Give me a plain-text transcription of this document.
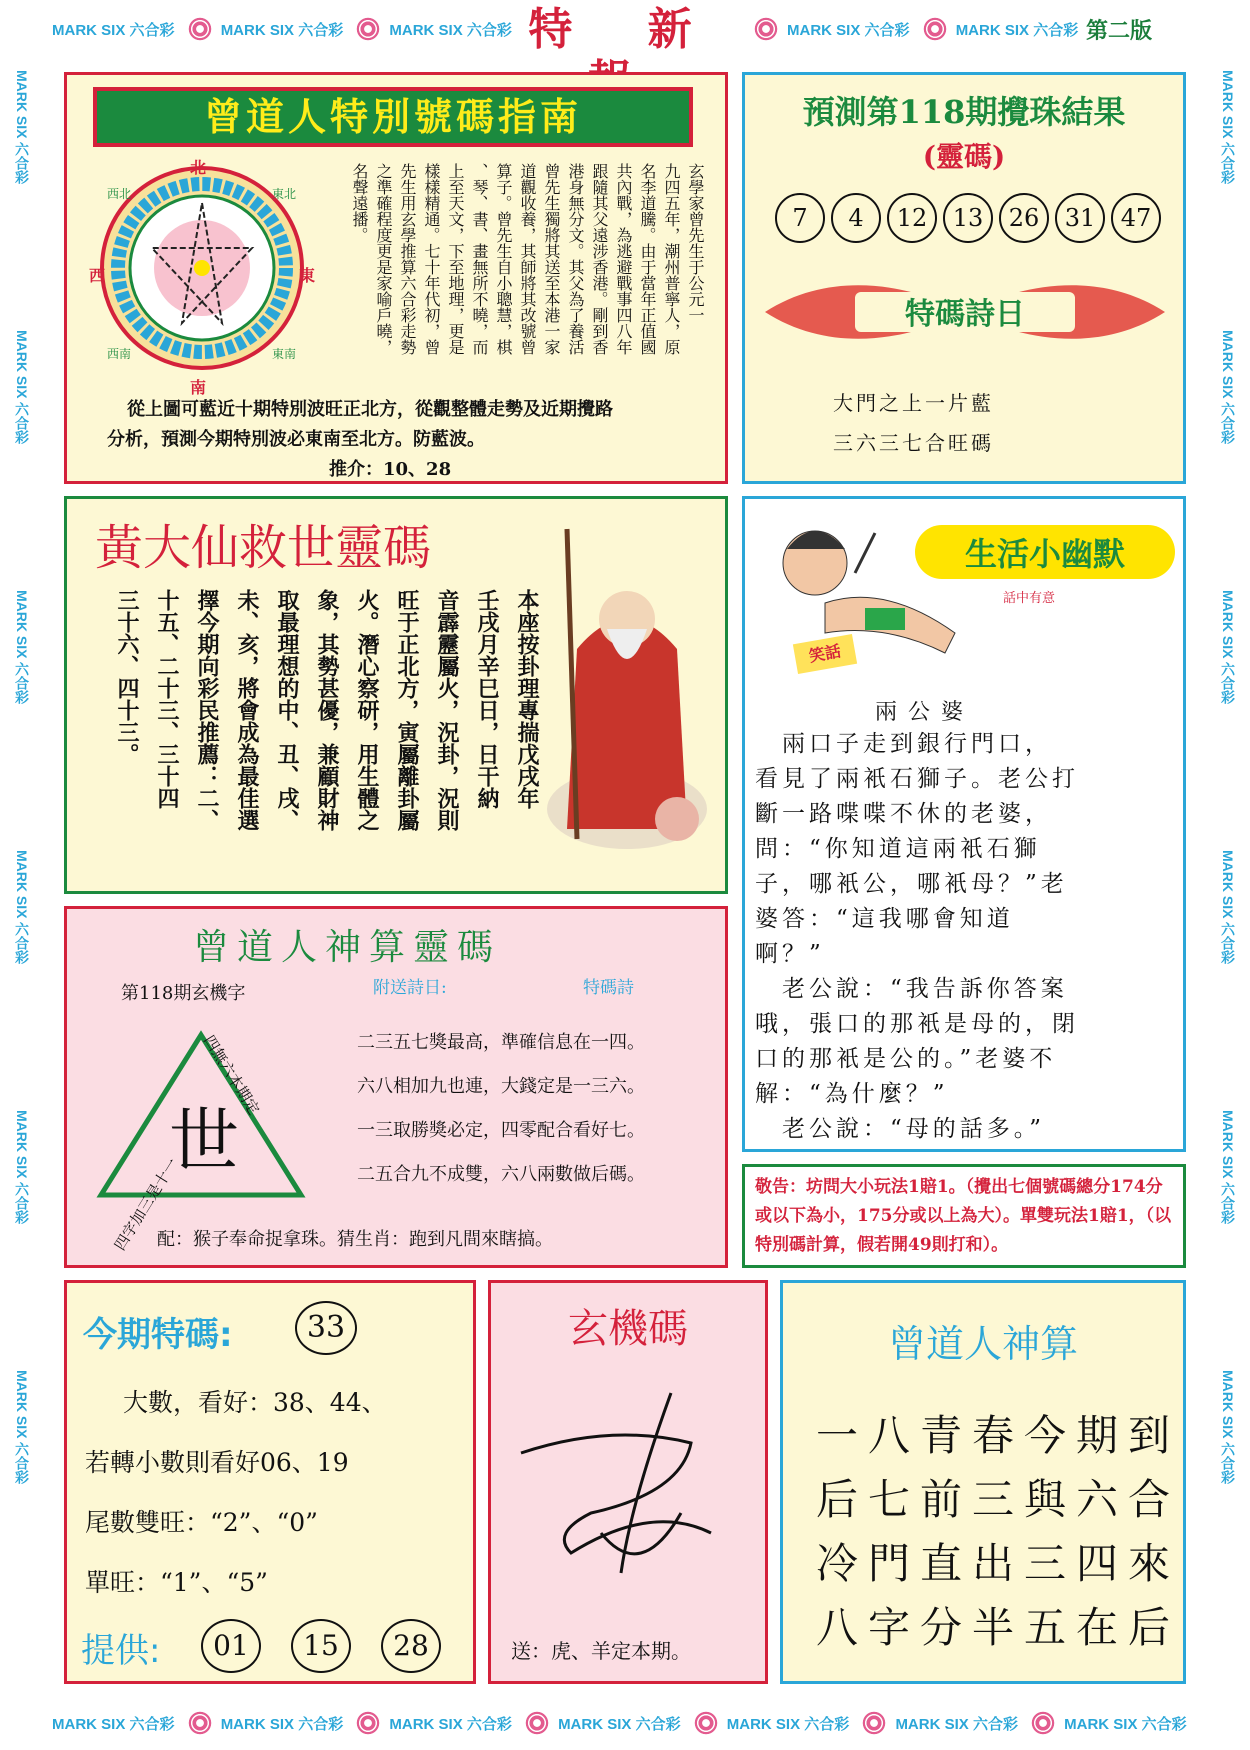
MARK SIX 六合彩	MARK SIX 六合彩	MARK SIX 六合彩	MARK SIX 六合彩	MARK SIX 六合彩
MARK SIX 六合彩	MARK SIX 六合彩	MARK SIX 六合彩	MARK SIX 六合彩	MARK SIX 六合彩	MARK SIX 六合彩	MARK SIX 六合彩
MARK SIX 六合彩
MARK SIX 六合彩
MARK SIX 六合彩
MARK SIX 六合彩
MARK SIX 六合彩
MARK SIX 六合彩
MARK SIX 六合彩
MARK SIX 六合彩
MARK SIX 六合彩
MARK SIX 六合彩
MARK SIX 六合彩
MARK SIX 六合彩
特 新	第二版
曾道人特別號碼指南
北
南
東
西
東北
西北
東南
西南
玄學家曾先生于公元一
九四五年，潮州普寧人，原
名李道騰。由于當年正值國
共內戰，為逃避戰事四八年
跟隨其父遠涉香港。剛到香
港身無分文。其父為了養活
曾先生獨將其送至本港一家
道觀收養，其師將其改號曾
算子。曾先生自小聰慧，棋
、琴、書、畫無所不曉，而
上至天文，下至地理，更是
樣樣精通。七十年代初，曾
先生用玄學推算六合彩走勢
之準確程度更是家喻戶曉，
名聲遠播。
從上圖可藍近十期特別波旺正北方，從觀整體走勢及近期攪路
分析，預測今期特別波必東南至北方。防藍波。
推介：10、28
預測第118期攪珠結果
(靈碼)
7	4	12	13	26	31	47
特碼詩日
大門之上一片藍
三六三七合旺碼
黃大仙救世靈碼
本座按卦理專揣戊戌年
壬戌月辛巳日，日干納
音霹靂屬火，況卦，況則
旺于正北方，寅屬離卦屬
火。潛心察研，用生體之
象，其勢甚優，兼顧財神
取最理想的中、丑、戌、
未、亥，將會成為最佳選
擇今期向彩民推薦：二、
十五、二十三、三十四
三十六、四十三。	笑話
生活小幽默
話中有意
兩 公 婆
　兩口子走到銀行門口，
看見了兩衹石獅子。老公打
斷一路喋喋不休的老婆，
問：“你知道這兩衹石獅
子，哪衹公，哪衹母？”老
婆答：“這我哪會知道
啊？”
　老公說：“我告訴你答案
哦，張口的那衹是母的，閉
口的那衹是公的。”老婆不
解：“為什麼？”
　老公說：“母的話多。”
曾道人神算靈碼
第118期玄機字	附送詩日:	特碼詩
世
四字加三是十一
四無六本期定	二三五七獎最高，準確信息在一四。
六八相加九也連，大錢定是一三六。
一三取勝獎必定，四零配合看好七。
二五合九不成雙，六八兩數做后碼。
配：猴子奉命捉拿珠。猜生肖：跑到凡間來瞎搞。
敬告：坊問大小玩法1賠1。（攪出七個號碼總分174分或以下為小，175分或以上為大）。單雙玩法1賠1，（以特別碼計算，假若開49則打和）。
今期特碼:	33
大數，看好：38、44、
若轉小數則看好06、19
尾數雙旺：“2”、“0”
單旺：“1”、“5”
提供:	01	15	28
玄機碼
送：虎、羊定本期。
曾道人神算
一 八 青 春 今 期 到
后 七 前 三 與 六 合
冷 門 直 出 三 四 來
八 字 分 半 五 在 后
